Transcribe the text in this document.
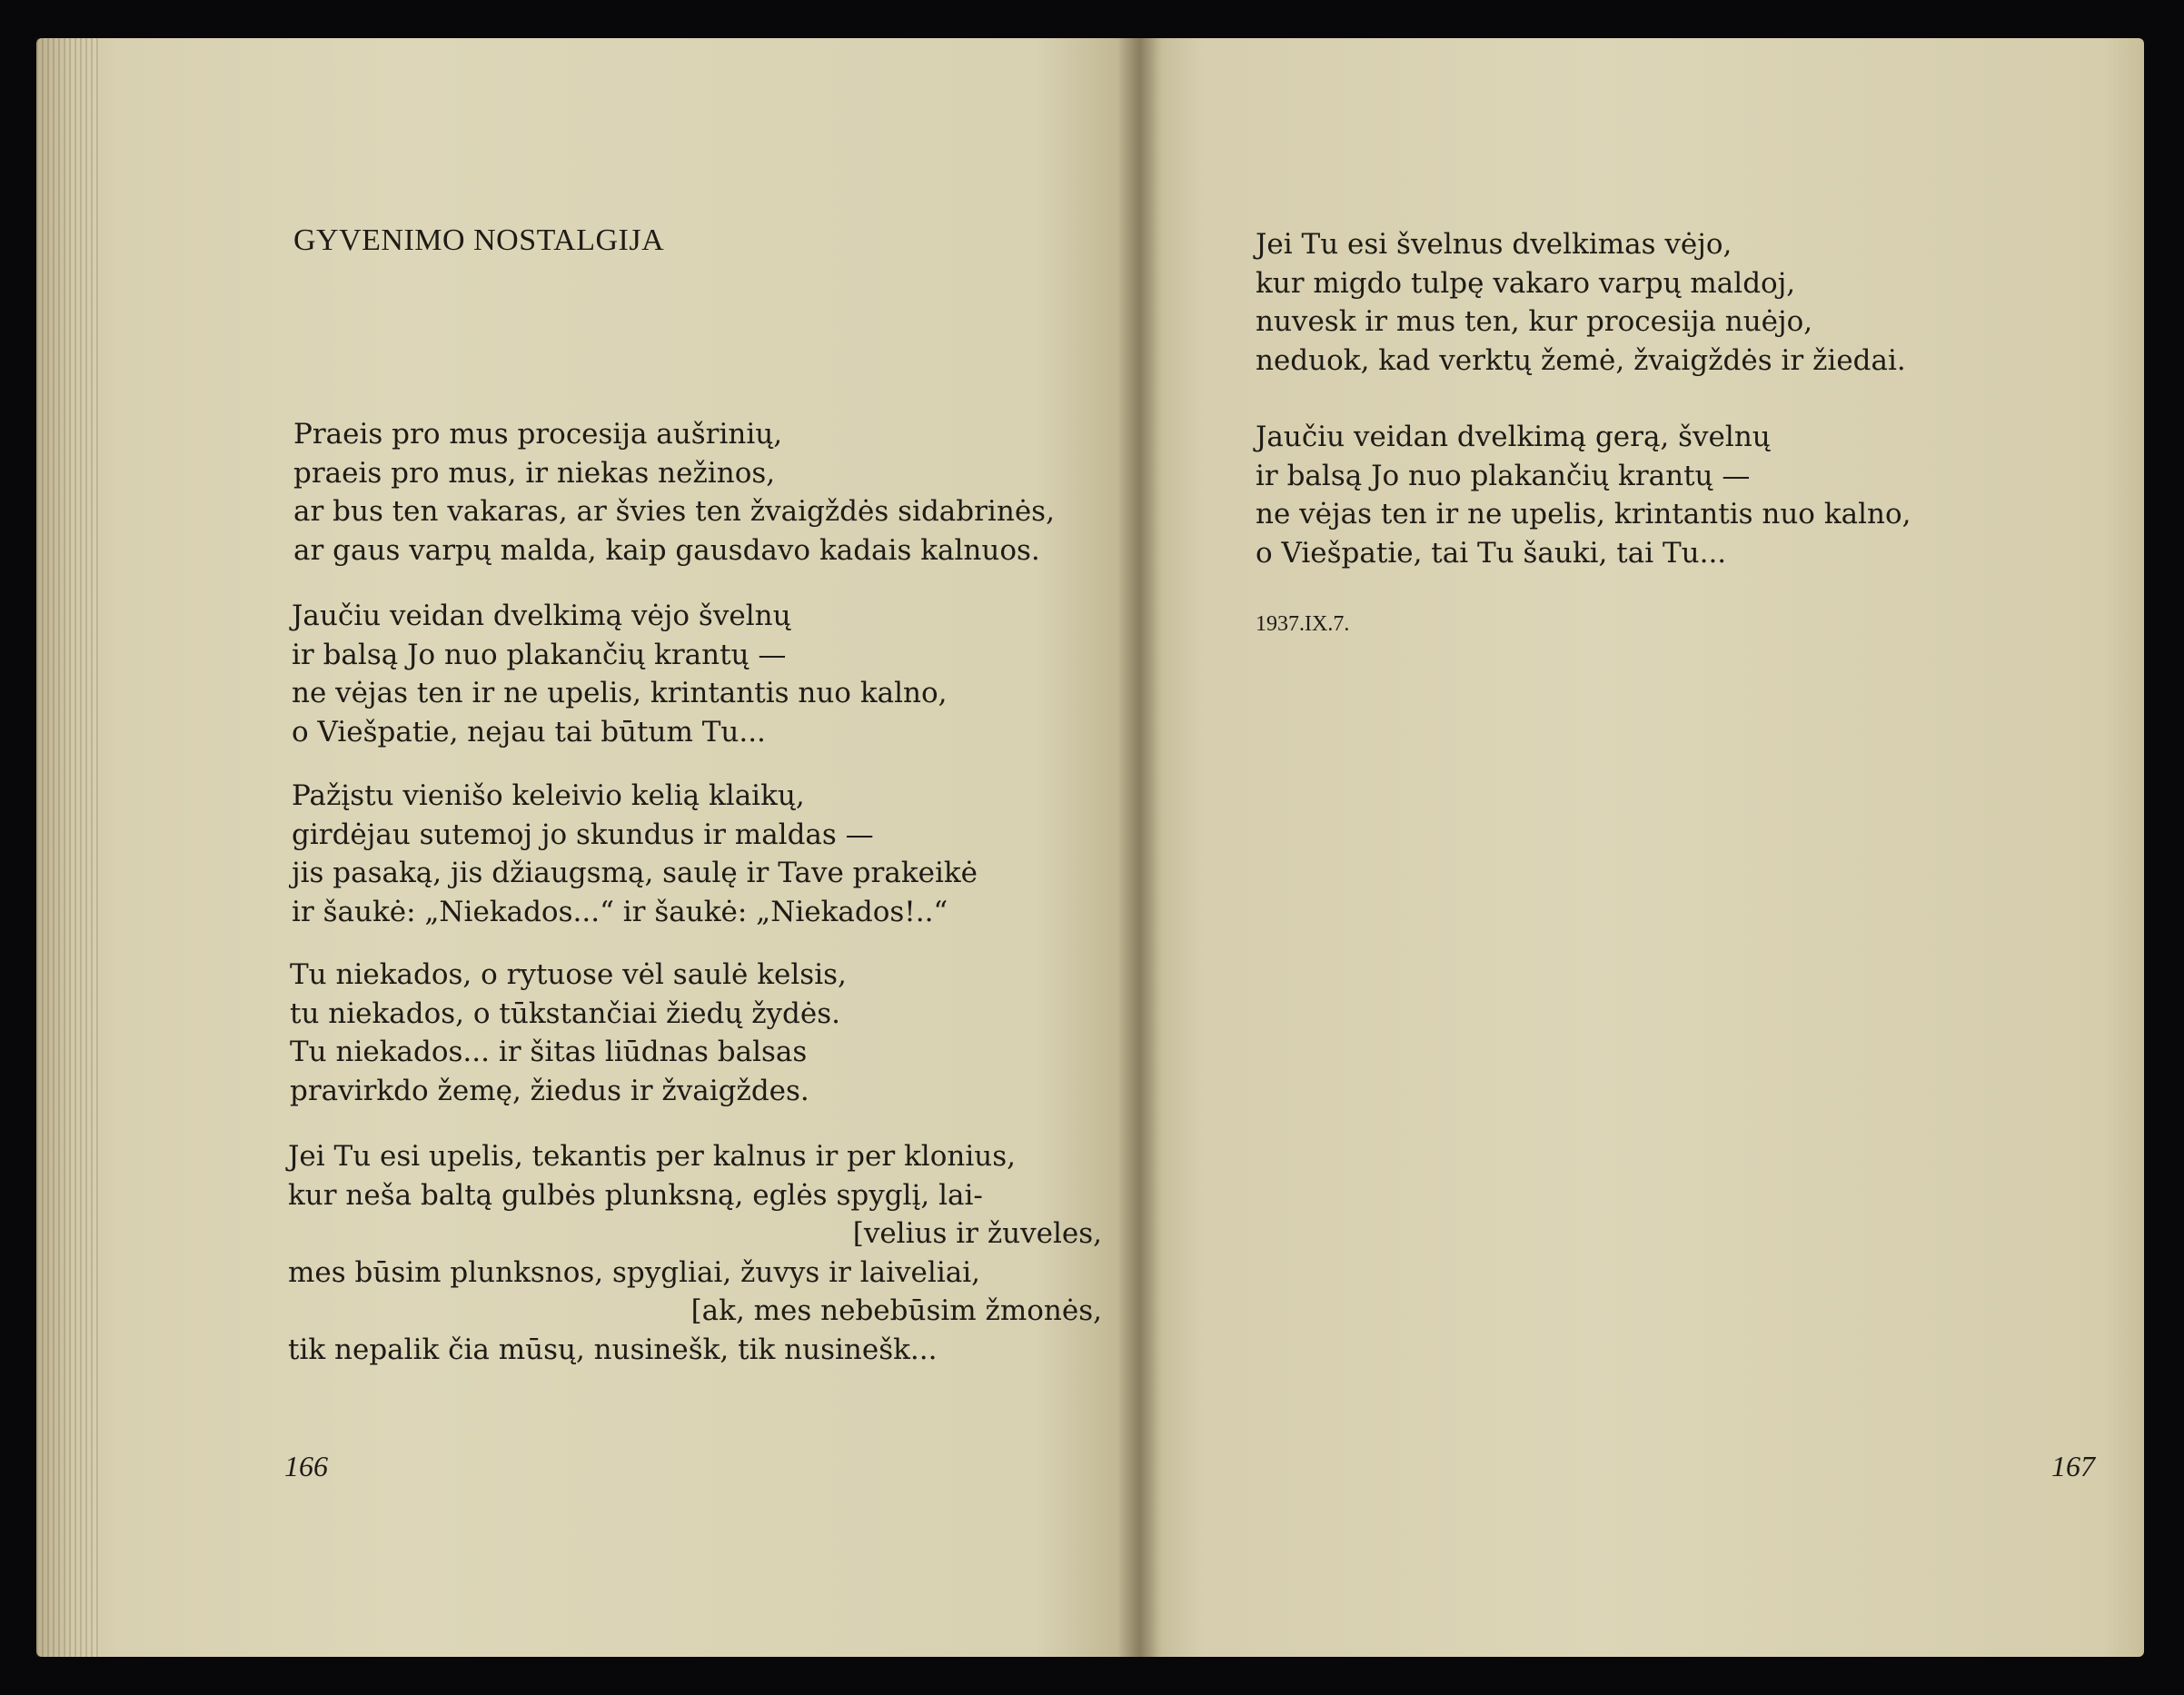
GYVENIMO NOSTALGIJA
Praeis pro mus procesija aušrinių,
praeis pro mus, ir niekas nežinos,
ar bus ten vakaras, ar švies ten žvaigždės sidabrinės,
ar gaus varpų malda, kaip gausdavo kadais kalnuos.
Jaučiu veidan dvelkimą vėjo švelnų
ir balsą Jo nuo plakančių krantų —
ne vėjas ten ir ne upelis, krintantis nuo kalno,
o Viešpatie, nejau tai būtum Tu...
Pažįstu vienišo keleivio kelią klaikų,
girdėjau sutemoj jo skundus ir maldas —
jis pasaką, jis džiaugsmą, saulę ir Tave prakeikė
ir šaukė: „Niekados...“ ir šaukė: „Niekados!..“
Tu niekados, o rytuose vėl saulė kelsis,
tu niekados, o tūkstančiai žiedų žydės.
Tu niekados... ir šitas liūdnas balsas
pravirkdo žemę, žiedus ir žvaigždes.
Jei Tu esi upelis, tekantis per kalnus ir per klonius,
kur neša baltą gulbės plunksną, eglės spyglį, lai-
[velius ir žuveles,
mes būsim plunksnos, spygliai, žuvys ir laiveliai,
[ak, mes nebebūsim žmonės,
tik nepalik čia mūsų, nusinešk, tik nusinešk...
166
Jei Tu esi švelnus dvelkimas vėjo,
kur migdo tulpę vakaro varpų maldoj,
nuvesk ir mus ten, kur procesija nuėjo,
neduok, kad verktų žemė, žvaigždės ir žiedai.
Jaučiu veidan dvelkimą gerą, švelnų
ir balsą Jo nuo plakančių krantų —
ne vėjas ten ir ne upelis, krintantis nuo kalno,
o Viešpatie, tai Tu šauki, tai Tu...
1937.IX.7.
167
